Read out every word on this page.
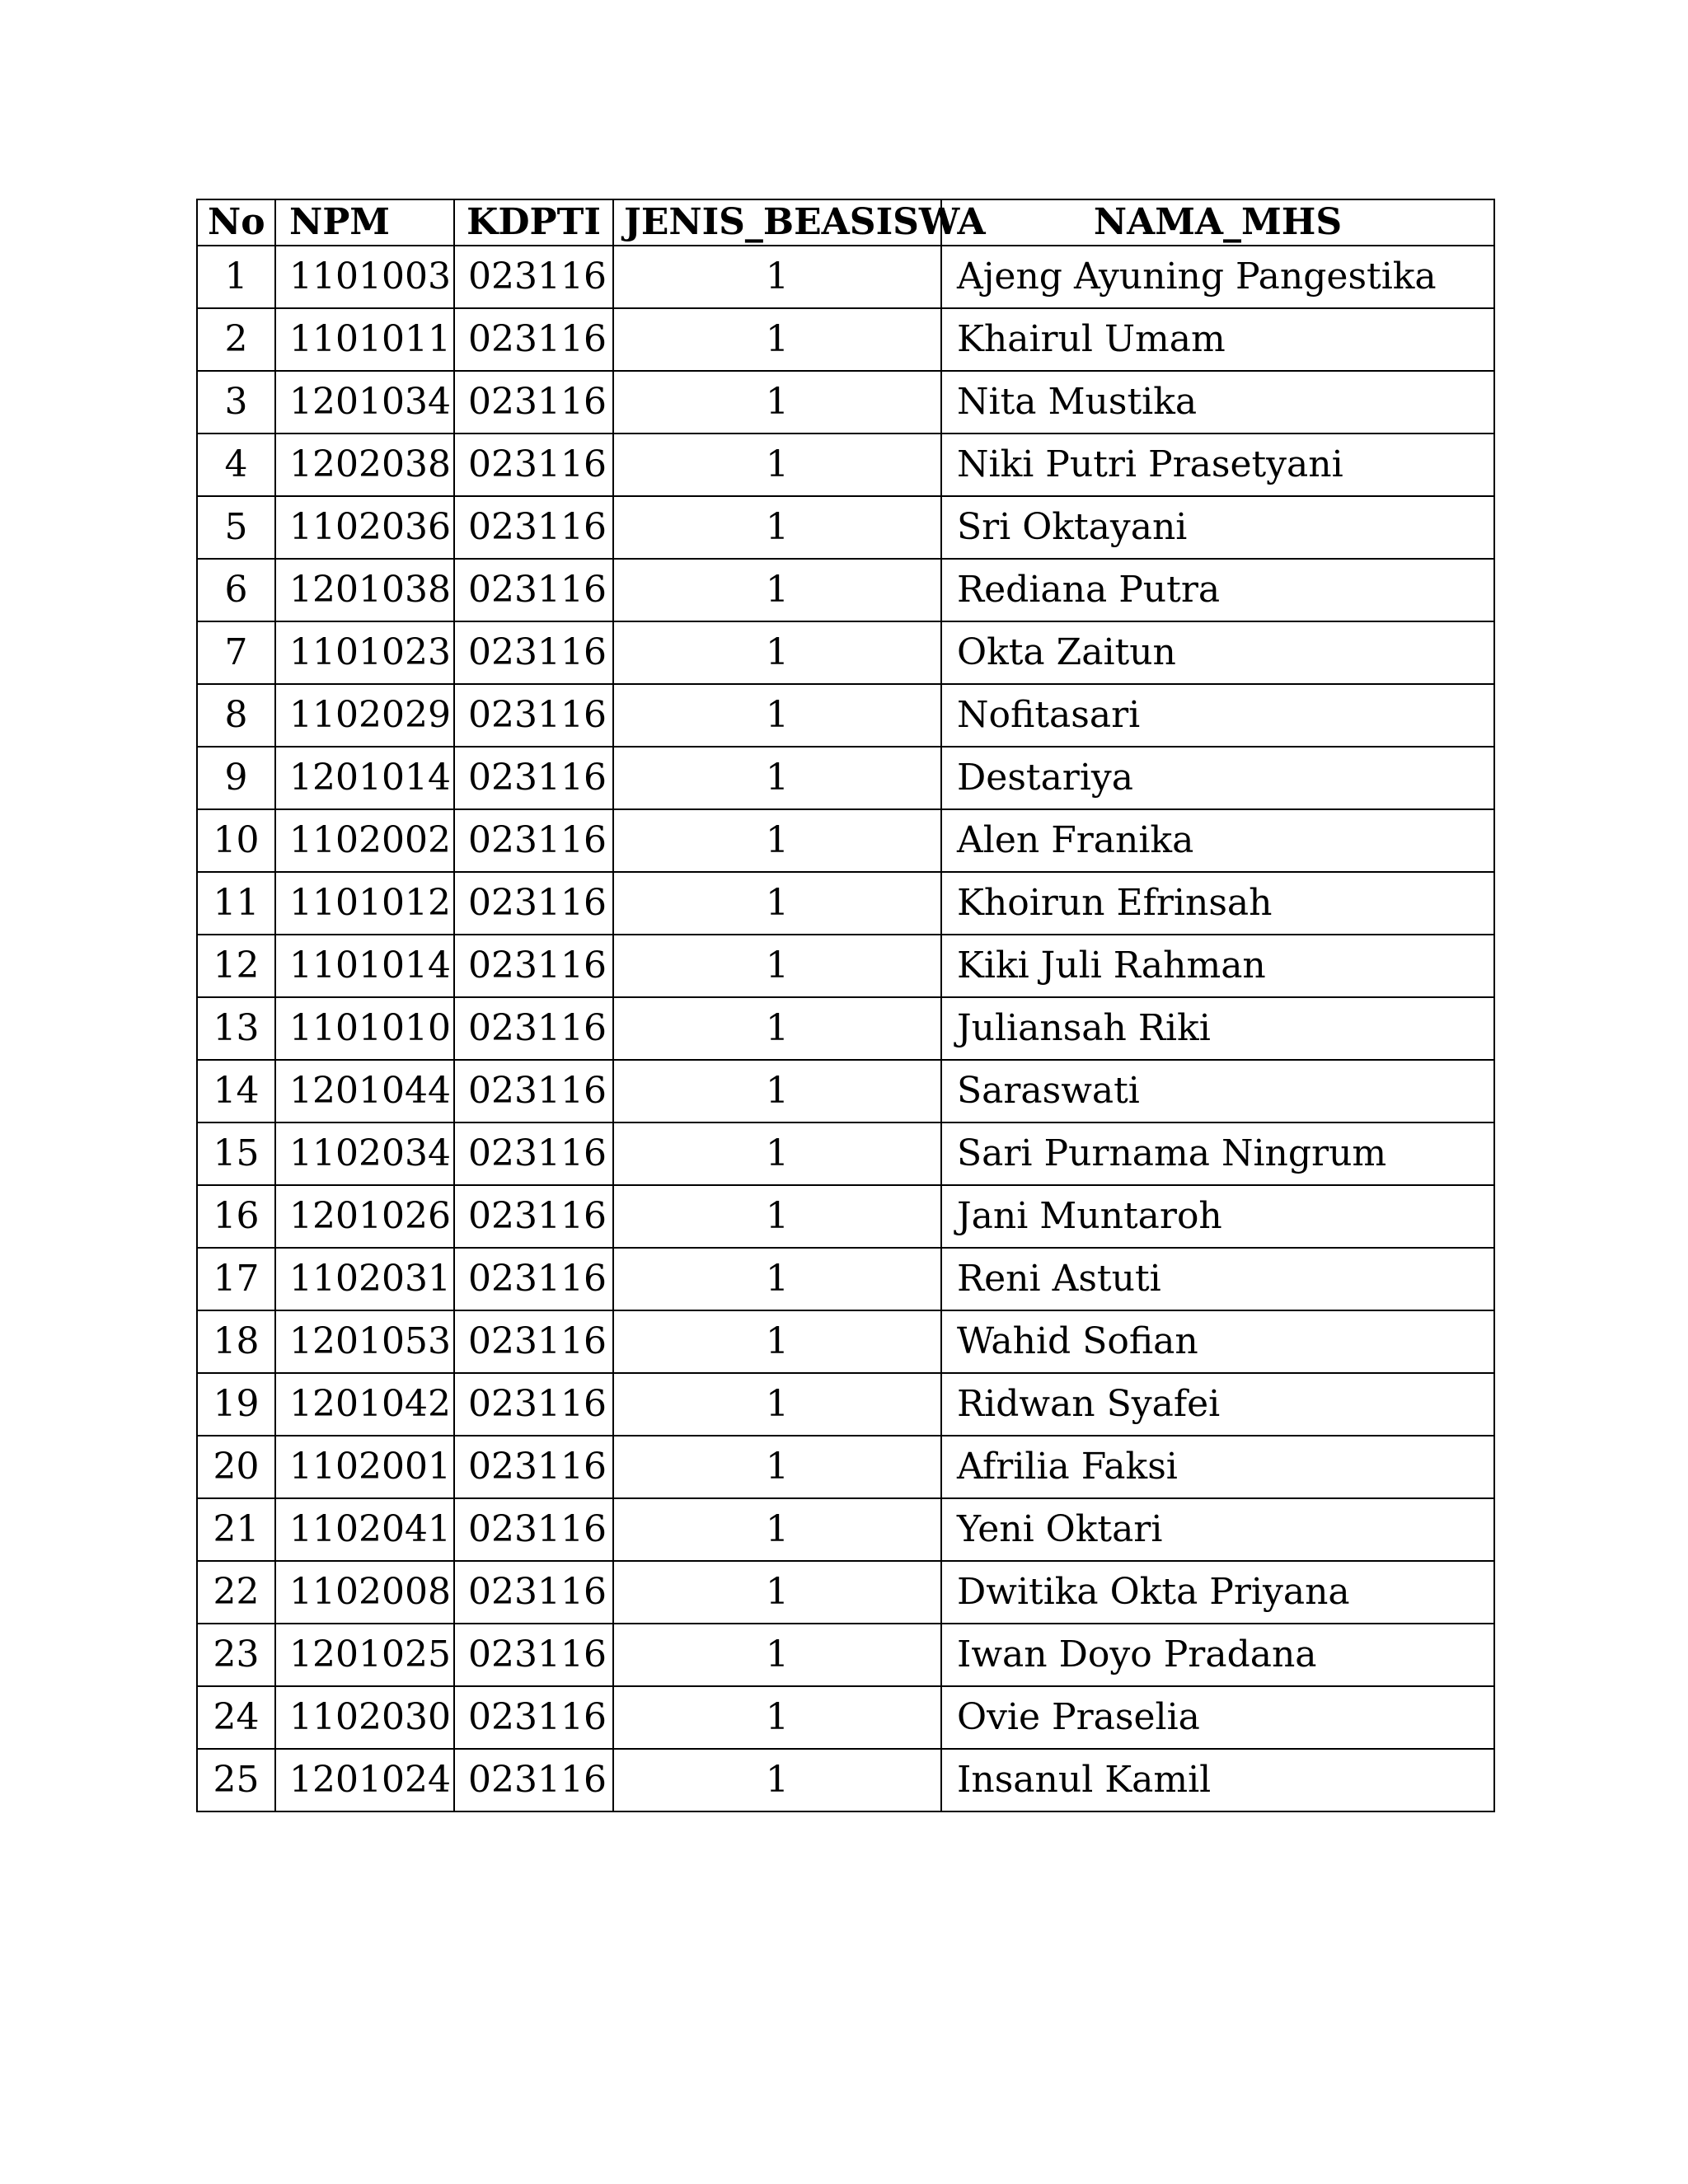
No	NPM	KDPTI	JENIS_BEASISWA	NAMA_MHS
1	1101003	023116	1	Ajeng Ayuning Pangestika
2	1101011	023116	1	Khairul Umam
3	1201034	023116	1	Nita Mustika
4	1202038	023116	1	Niki Putri Prasetyani
5	1102036	023116	1	Sri Oktayani
6	1201038	023116	1	Rediana Putra
7	1101023	023116	1	Okta Zaitun
8	1102029	023116	1	Nofitasari
9	1201014	023116	1	Destariya
10	1102002	023116	1	Alen Franika
11	1101012	023116	1	Khoirun Efrinsah
12	1101014	023116	1	Kiki Juli Rahman
13	1101010	023116	1	Juliansah Riki
14	1201044	023116	1	Saraswati
15	1102034	023116	1	Sari Purnama Ningrum
16	1201026	023116	1	Jani Muntaroh
17	1102031	023116	1	Reni Astuti
18	1201053	023116	1	Wahid Sofian
19	1201042	023116	1	Ridwan Syafei
20	1102001	023116	1	Afrilia Faksi
21	1102041	023116	1	Yeni Oktari
22	1102008	023116	1	Dwitika Okta Priyana
23	1201025	023116	1	Iwan Doyo Pradana
24	1102030	023116	1	Ovie Praselia
25	1201024	023116	1	Insanul Kamil
